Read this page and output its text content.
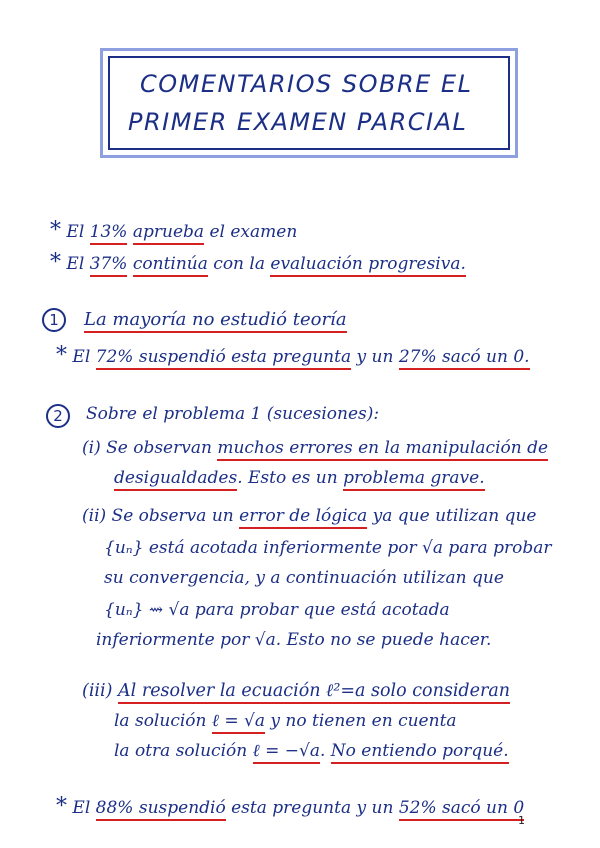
COMENTARIOS SOBRE EL
PRIMER EXAMEN PARCIAL
* El 13% aprueba el examen
* El 37% continúa con la evaluación progresiva.
1	La mayoría no estudió teoría
* El 72% suspendió esta pregunta y un 27% sacó un 0.
2	Sobre el problema 1 (sucesiones):
(i) Se observan muchos errores en la manipulación de
desigualdades. Esto es un problema grave.
(ii) Se observa un error de lógica ya que utilizan que
{uₙ} está acotada inferiormente por √a para probar
su convergencia, y a continuación utilizan que
{uₙ} ⇝ √a para probar que está acotada
inferiormente por √a. Esto no se puede hacer.
(iii) Al resolver la ecuación ℓ²=a solo consideran
la solución ℓ = √a y no tienen en cuenta
la otra solución ℓ = −√a. No entiendo porqué.
* El 88% suspendió esta pregunta y un 52% sacó un 0
1
